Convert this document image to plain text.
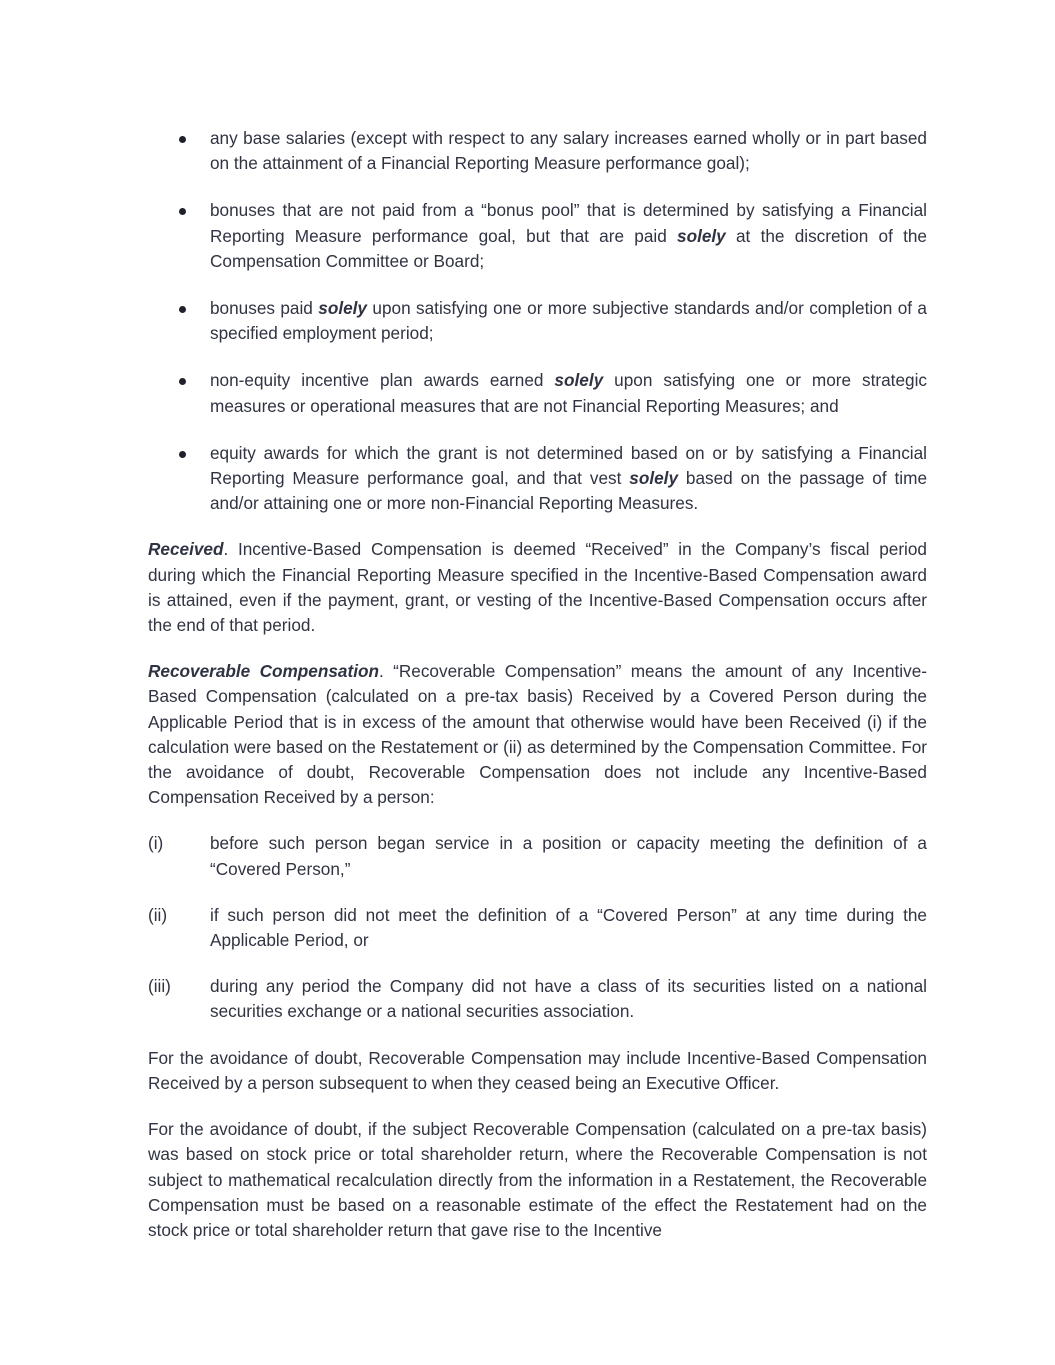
any base salaries (except with respect to any salary increases earned wholly or in part based on the attainment of a Financial Reporting Measure performance goal);
bonuses that are not paid from a “bonus pool” that is determined by satisfying a Financial Reporting Measure performance goal, but that are paid solely at the discretion of the Compensation Committee or Board;
bonuses paid solely upon satisfying one or more subjective standards and/or completion of a specified employment period;
non-equity incentive plan awards earned solely upon satisfying one or more strategic measures or operational measures that are not Financial Reporting Measures; and
equity awards for which the grant is not determined based on or by satisfying a Financial Reporting Measure performance goal, and that vest solely based on the passage of time and/or attaining one or more non-Financial Reporting Measures.

Received. Incentive-Based Compensation is deemed “Received” in the Company’s fiscal period during which the Financial Reporting Measure specified in the Incentive-Based Compensation award is attained, even if the payment, grant, or vesting of the Incentive-Based Compensation occurs after the end of that period.

Recoverable Compensation. “Recoverable Compensation” means the amount of any Incentive-Based Compensation (calculated on a pre-tax basis) Received by a Covered Person during the Applicable Period that is in excess of the amount that otherwise would have been Received (i) if the calculation were based on the Restatement or (ii) as determined by the Compensation Committee. For the avoidance of doubt, Recoverable Compensation does not include any Incentive-Based Compensation Received by a person:

(i)	before such person began service in a position or capacity meeting the definition of a “Covered Person,”
(ii) if such person did not meet the definition of a “Covered Person” at any time during the Applicable Period, or
(iii) during any period the Company did not have a class of its securities listed on a national securities exchange or a national securities association.

For the avoidance of doubt, Recoverable Compensation may include Incentive-Based Compensation Received by a person subsequent to when they ceased being an Executive Officer.

For the avoidance of doubt, if the subject Recoverable Compensation (calculated on a pre-tax basis) was based on stock price or total shareholder return, where the Recoverable Compensation is not subject to mathematical recalculation directly from the information in a Restatement, the Recoverable Compensation must be based on a reasonable estimate of the effect the Restatement had on the stock price or total shareholder return that gave rise to the Incentive
